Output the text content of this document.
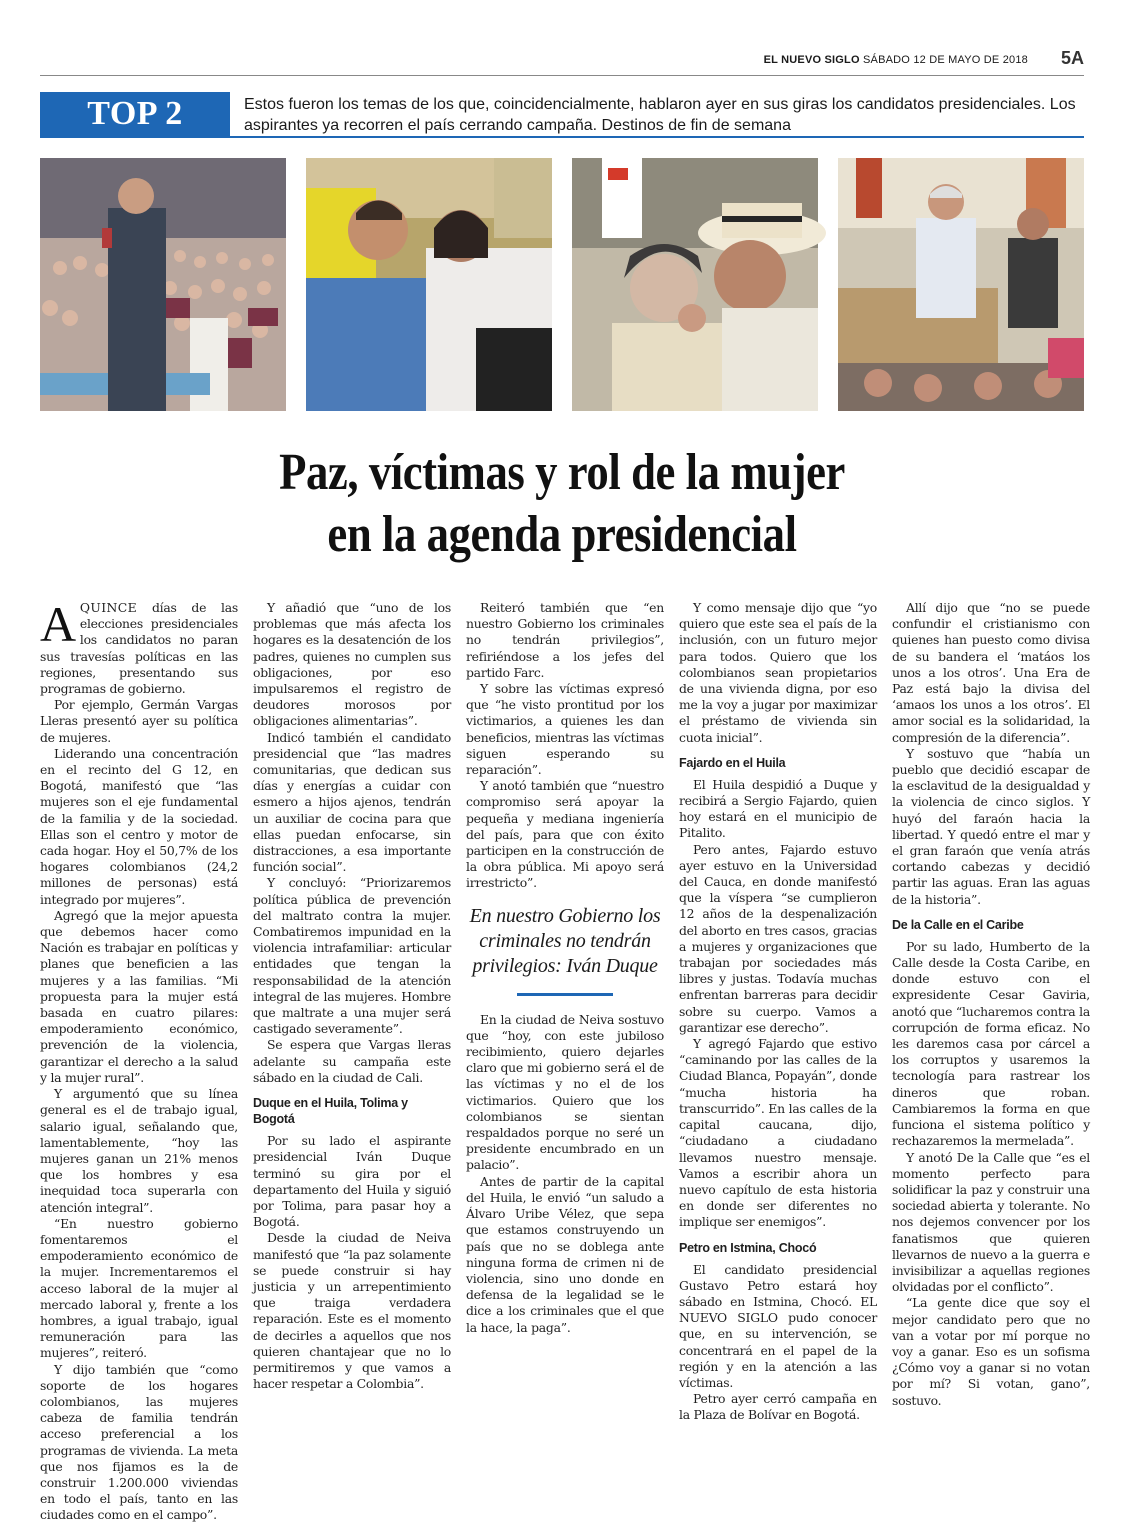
EL NUEVO SIGLO SÁBADO 12 DE MAYO DE 2018 5A
TOP 2	Estos fueron los temas de los que, coincidencialmente, hablaron ayer en sus giras los candidatos presidenciales. Los aspirantes ya recorren el país cerrando campaña. Destinos de fin de semana
Paz, víctimas y rol de la mujer
en la agenda presidencial

AQUINCE días de las elecciones presidenciales los candidatos no paran sus travesías políticas en las regiones, presentando sus programas de gobierno.

Por ejemplo, Germán Vargas Lleras presentó ayer su política de mujeres.

Liderando una concentración en el recinto del G 12, en Bogotá, manifestó que “las mujeres son el eje fundamental de la familia y de la sociedad. Ellas son el centro y motor de cada hogar. Hoy el 50,7% de los hogares colombianos (24,2 millones de personas) está integrado por mujeres”.

Agregó que la mejor apuesta que debemos hacer como Nación es trabajar en políticas y planes que beneficien a las mujeres y a las familias. “Mi propuesta para la mujer está basada en cuatro pilares: empoderamiento económico, prevención de la violencia, garantizar el derecho a la salud y la mujer rural”.

Y argumentó que su línea general es el de trabajo igual, salario igual, señalando que, lamentablemente, “hoy las mujeres ganan un 21% menos que los hombres y esa inequidad toca superarla con atención integral”.

“En nuestro gobierno fomentaremos el empoderamiento económico de la mujer. Incrementaremos el acceso laboral de la mujer al mercado laboral y, frente a los hombres, a igual trabajo, igual remuneración para las mujeres”, reiteró.

Y dijo también que “como soporte de los hogares colombianos, las mujeres cabeza de familia tendrán acceso preferencial a los programas de vivienda. La meta que nos fijamos es la de construir 1.200.000 viviendas en todo el país, tanto en las ciudades como en el campo”.

Y añadió que “uno de los problemas que más afecta los hogares es la desatención de los padres, quienes no cumplen sus obligaciones, por eso impulsaremos el registro de deudores morosos por obligaciones alimentarias”.

Indicó también el candidato presidencial que “las madres comunitarias, que dedican sus días y energías a cuidar con esmero a hijos ajenos, tendrán un auxiliar de cocina para que ellas puedan enfocarse, sin distracciones, a esa importante función social”.

Y concluyó: “Priorizaremos política pública de prevención del maltrato contra la mujer. Combatiremos impunidad en la violencia intrafamiliar: articular entidades que tengan la responsabilidad de la atención integral de las mujeres. Hombre que maltrate a una mujer será castigado severamente”.

Se espera que Vargas lleras adelante su campaña este sábado en la ciudad de Cali.

Duque en el Huila, Tolima y Bogotá

Por su lado el aspirante presidencial Iván Duque terminó su gira por el departamento del Huila y siguió por Tolima, para pasar hoy a Bogotá.

Desde la ciudad de Neiva manifestó que “la paz solamente se puede construir si hay justicia y un arrepentimiento que traiga verdadera reparación. Este es el momento de decirles a aquellos que nos quieren chantajear que no lo permitiremos y que vamos a hacer respetar a Colombia”.

Reiteró también que “en nuestro Gobierno los criminales no tendrán privilegios”, refiriéndose a los jefes del partido Farc.

Y sobre las víctimas expresó que “he visto prontitud por los victimarios, a quienes les dan beneficios, mientras las víctimas siguen esperando su reparación”.

Y anotó también que “nuestro compromiso será apoyar la pequeña y mediana ingeniería del país, para que con éxito participen en la construcción de la obra pública. Mi apoyo será irrestricto”.

En nuestro Gobierno los criminales no tendrán privilegios: Iván Duque

En la ciudad de Neiva sostuvo que “hoy, con este jubiloso recibimiento, quiero dejarles claro que mi gobierno será el de las víctimas y no el de los victimarios. Quiero que los colombianos se sientan respaldados porque no seré un presidente encumbrado en un palacio”.

Antes de partir de la capital del Huila, le envió “un saludo a Álvaro Uribe Vélez, que sepa que estamos construyendo un país que no se doblega ante ninguna forma de crimen ni de violencia, sino uno donde en defensa de la legalidad se le dice a los criminales que el que la hace, la paga”.

Y como mensaje dijo que “yo quiero que este sea el país de la inclusión, con un futuro mejor para todos. Quiero que los colombianos sean propietarios de una vivienda digna, por eso me la voy a jugar por maximizar el préstamo de vivienda sin cuota inicial”.

Fajardo en el Huila

El Huila despidió a Duque y recibirá a Sergio Fajardo, quien hoy estará en el municipio de Pitalito.

Pero antes, Fajardo estuvo ayer estuvo en la Universidad del Cauca, en donde manifestó que la víspera “se cumplieron 12 años de la despenalización del aborto en tres casos, gracias a mujeres y organizaciones que trabajan por sociedades más libres y justas. Todavía muchas enfrentan barreras para decidir sobre su cuerpo. Vamos a garantizar ese derecho”.

Y agregó Fajardo que estivo “caminando por las calles de la Ciudad Blanca, Popayán”, donde “mucha historia ha transcurrido”. En las calles de la capital caucana, dijo, “ciudadano a ciudadano llevamos nuestro mensaje. Vamos a escribir ahora un nuevo capítulo de esta historia en donde ser diferentes no implique ser enemigos”.

Petro en Istmina, Chocó

El candidato presidencial Gustavo Petro estará hoy sábado en Istmina, Chocó. EL NUEVO SIGLO pudo conocer que, en su intervención, se concentrará en el papel de la región y en la atención a las víctimas.

Petro ayer cerró campaña en la Plaza de Bolívar en Bogotá.

Allí dijo que “no se puede confundir el cristianismo con quienes han puesto como divisa de su bandera el ‘matáos los unos a los otros’. Una Era de Paz está bajo la divisa del ‘amaos los unos a los otros’. El amor social es la solidaridad, la compresión de la diferencia”.

Y sostuvo que “había un pueblo que decidió escapar de la esclavitud de la desigualdad y la violencia de cinco siglos. Y huyó del faraón hacia la libertad. Y quedó entre el mar y el gran faraón que venía atrás cortando cabezas y decidió partir las aguas. Eran las aguas de la historia”.

De la Calle en el Caribe

Por su lado, Humberto de la Calle desde la Costa Caribe, en donde estuvo con el expresidente Cesar Gaviria, anotó que “lucharemos contra la corrupción de forma eficaz. No les daremos casa por cárcel a los corruptos y usaremos la tecnología para rastrear los dineros que roban. Cambiaremos la forma en que funciona el sistema político y rechazaremos la mermelada”.

Y anotó De la Calle que “es el momento perfecto para solidificar la paz y construir una sociedad abierta y tolerante. No nos dejemos convencer por los fanatismos que quieren llevarnos de nuevo a la guerra e invisibilizar a aquellas regiones olvidadas por el conflicto”.

“La gente dice que soy el mejor candidato pero que no van a votar por mí porque no voy a ganar. Eso es un sofisma ¿Cómo voy a ganar si no votan por mí? Si votan, gano”, sostuvo.
